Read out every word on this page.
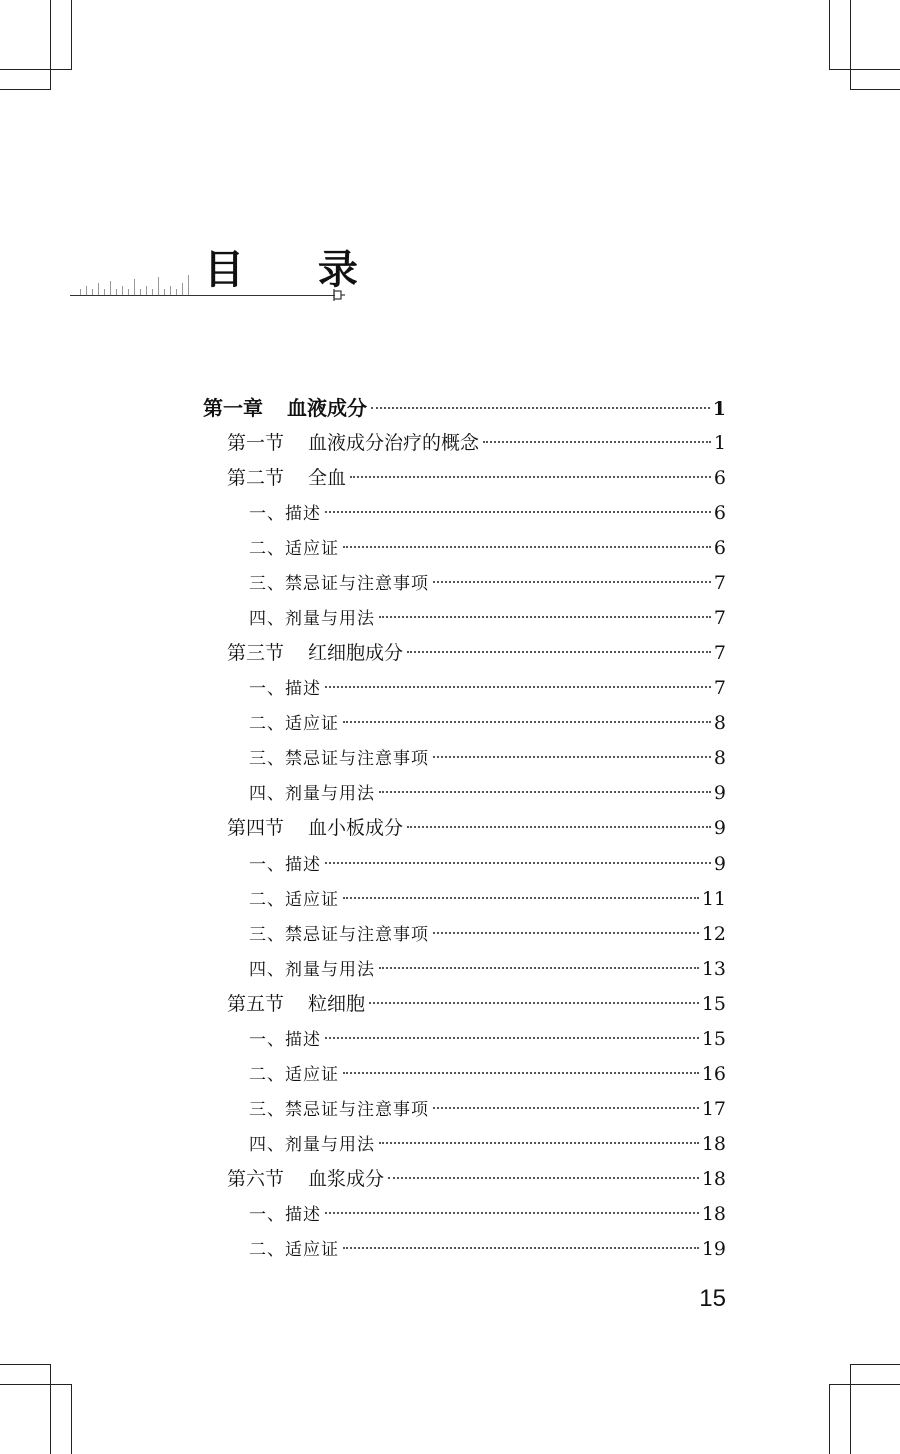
目 录
第一章 血液成分	1
第一节 血液成分治疗的概念	1
第二节 全血	6
一、描述	6
二、适应证	6
三、禁忌证与注意事项	7
四、剂量与用法	7
第三节 红细胞成分	7
一、描述	7
二、适应证	8
三、禁忌证与注意事项	8
四、剂量与用法	9
第四节 血小板成分	9
一、描述	9
二、适应证	11
三、禁忌证与注意事项	12
四、剂量与用法	13
第五节 粒细胞	15
一、描述	15
二、适应证	16
三、禁忌证与注意事项	17
四、剂量与用法	18
第六节 血浆成分	18
一、描述	18
二、适应证	19
15
